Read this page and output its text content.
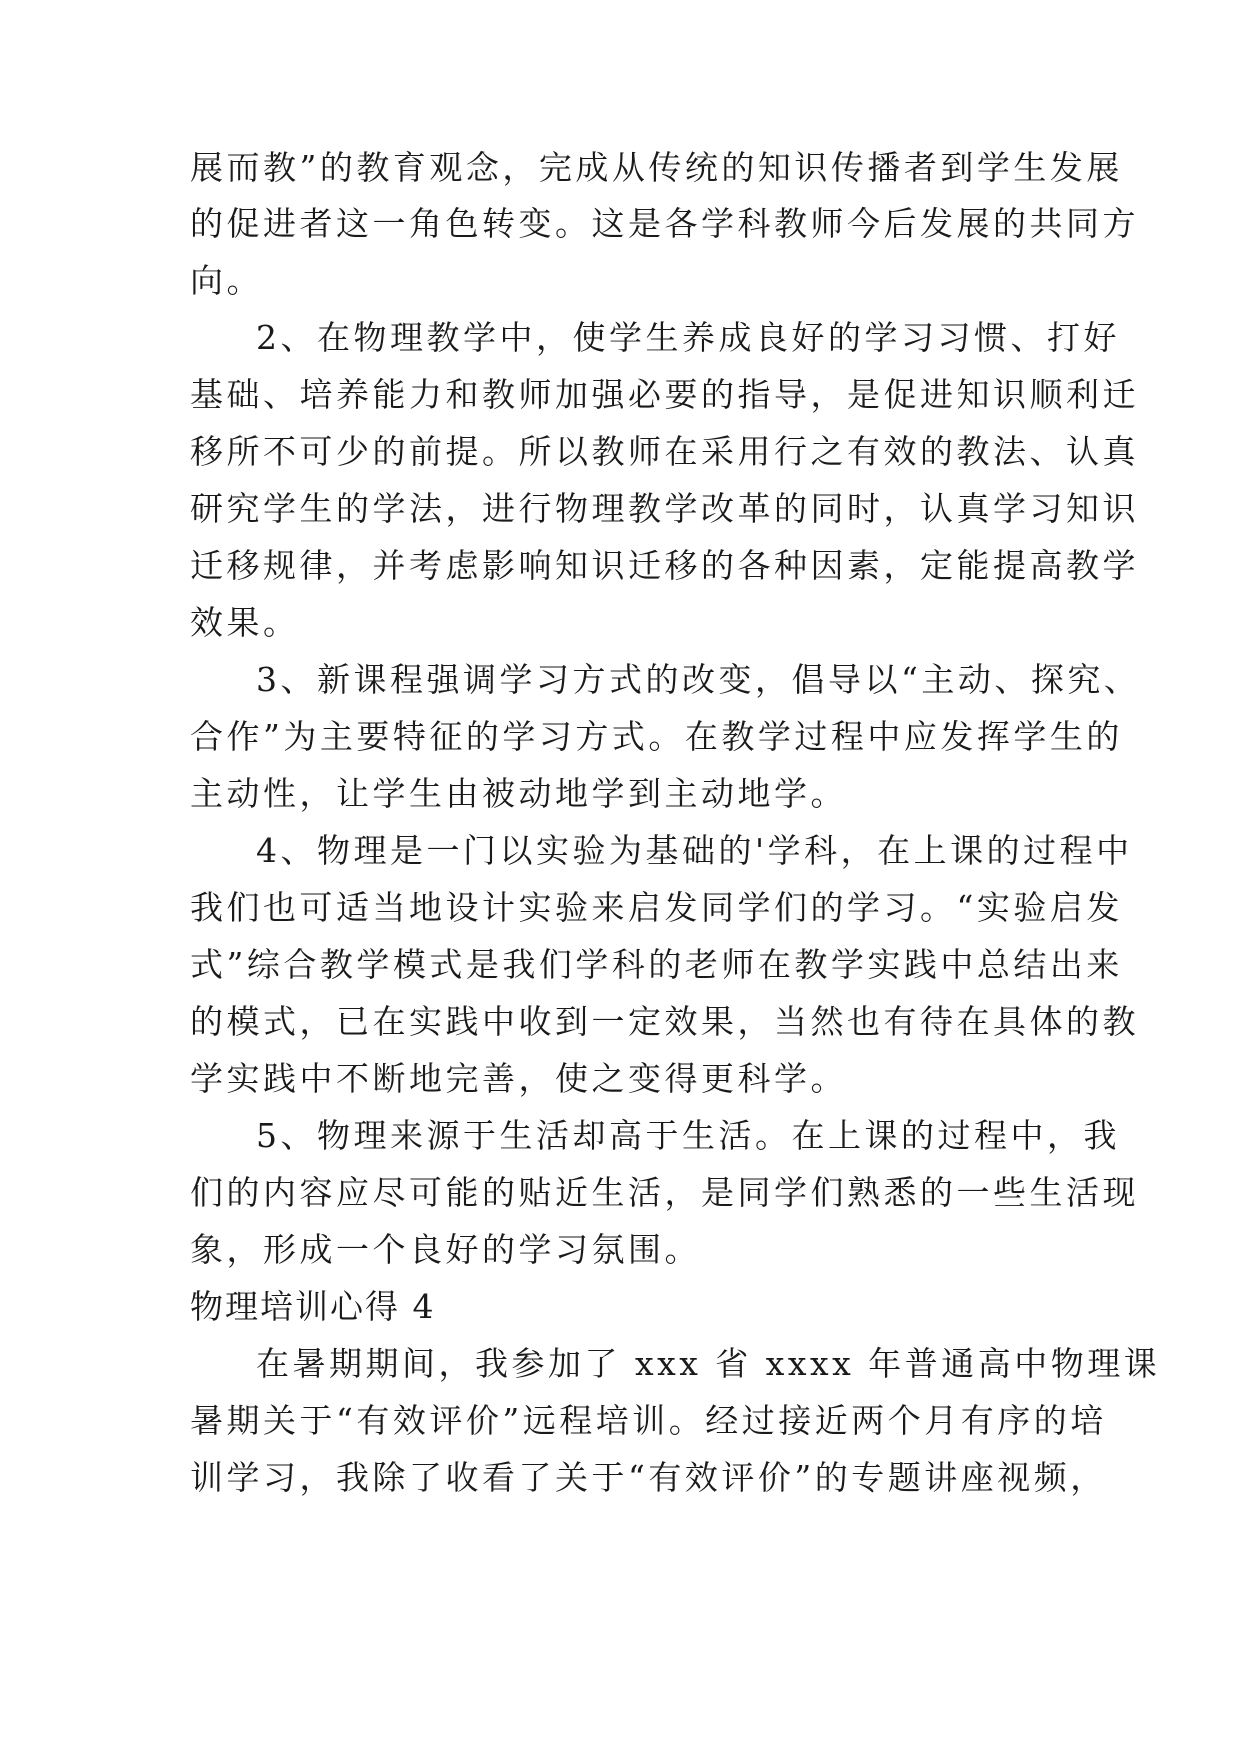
展而教”的教育观念，完成从传统的知识传播者到学生发展
的促进者这一角色转变。这是各学科教师今后发展的共同方
向。
2、在物理教学中，使学生养成良好的学习习惯、打好
基础、培养能力和教师加强必要的指导，是促进知识顺利迁
移所不可少的前提。所以教师在采用行之有效的教法、认真
研究学生的学法，进行物理教学改革的同时，认真学习知识
迁移规律，并考虑影响知识迁移的各种因素，定能提高教学
效果。
3、新课程强调学习方式的改变，倡导以“主动、探究、
合作”为主要特征的学习方式。在教学过程中应发挥学生的
主动性，让学生由被动地学到主动地学。
4、物理是一门以实验为基础的'学科，在上课的过程中
我们也可适当地设计实验来启发同学们的学习。“实验启发
式”综合教学模式是我们学科的老师在教学实践中总结出来
的模式，已在实践中收到一定效果，当然也有待在具体的教
学实践中不断地完善，使之变得更科学。
5、物理来源于生活却高于生活。在上课的过程中，我
们的内容应尽可能的贴近生活，是同学们熟悉的一些生活现
象，形成一个良好的学习氛围。
物理培训心得 4
在暑期期间，我参加了 xxx 省 xxxx 年普通高中物理课
暑期关于“有效评价”远程培训。经过接近两个月有序的培
训学习，我除了收看了关于“有效评价”的专题讲座视频，
